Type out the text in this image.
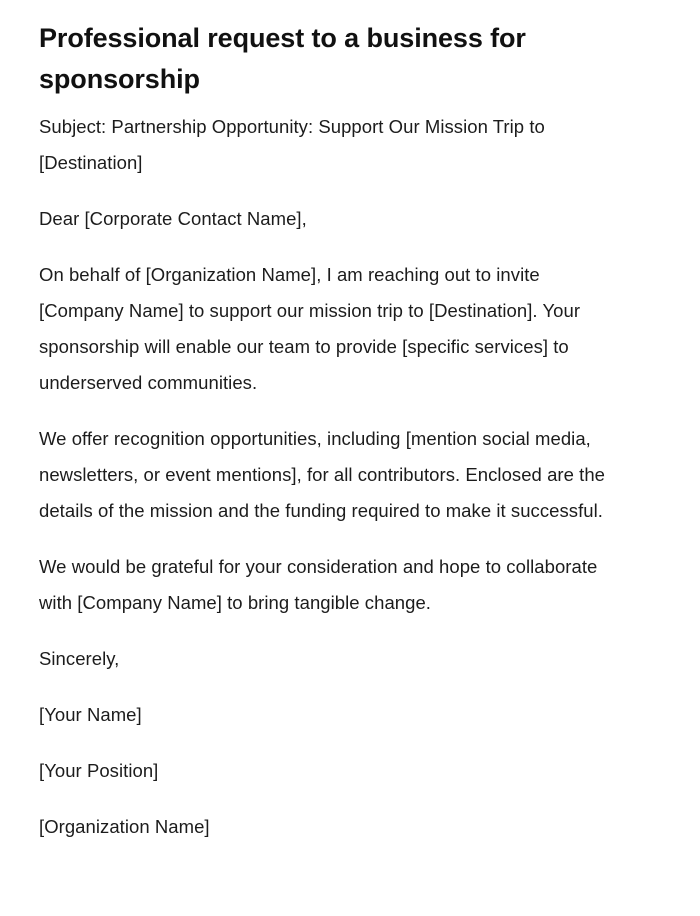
Professional request to a business for sponsorship

Subject: Partnership Opportunity: Support Our Mission Trip to [Destination]

Dear [Corporate Contact Name],

On behalf of [Organization Name], I am reaching out to invite [Company Name] to support our mission trip to [Destination]. Your sponsorship will enable our team to provide [specific services] to underserved communities.

We offer recognition opportunities, including [mention social media, newsletters, or event mentions], for all contributors. Enclosed are the details of the mission and the funding required to make it successful.

We would be grateful for your consideration and hope to collaborate with [Company Name] to bring tangible change.

Sincerely,

[Your Name]

[Your Position]

[Organization Name]
